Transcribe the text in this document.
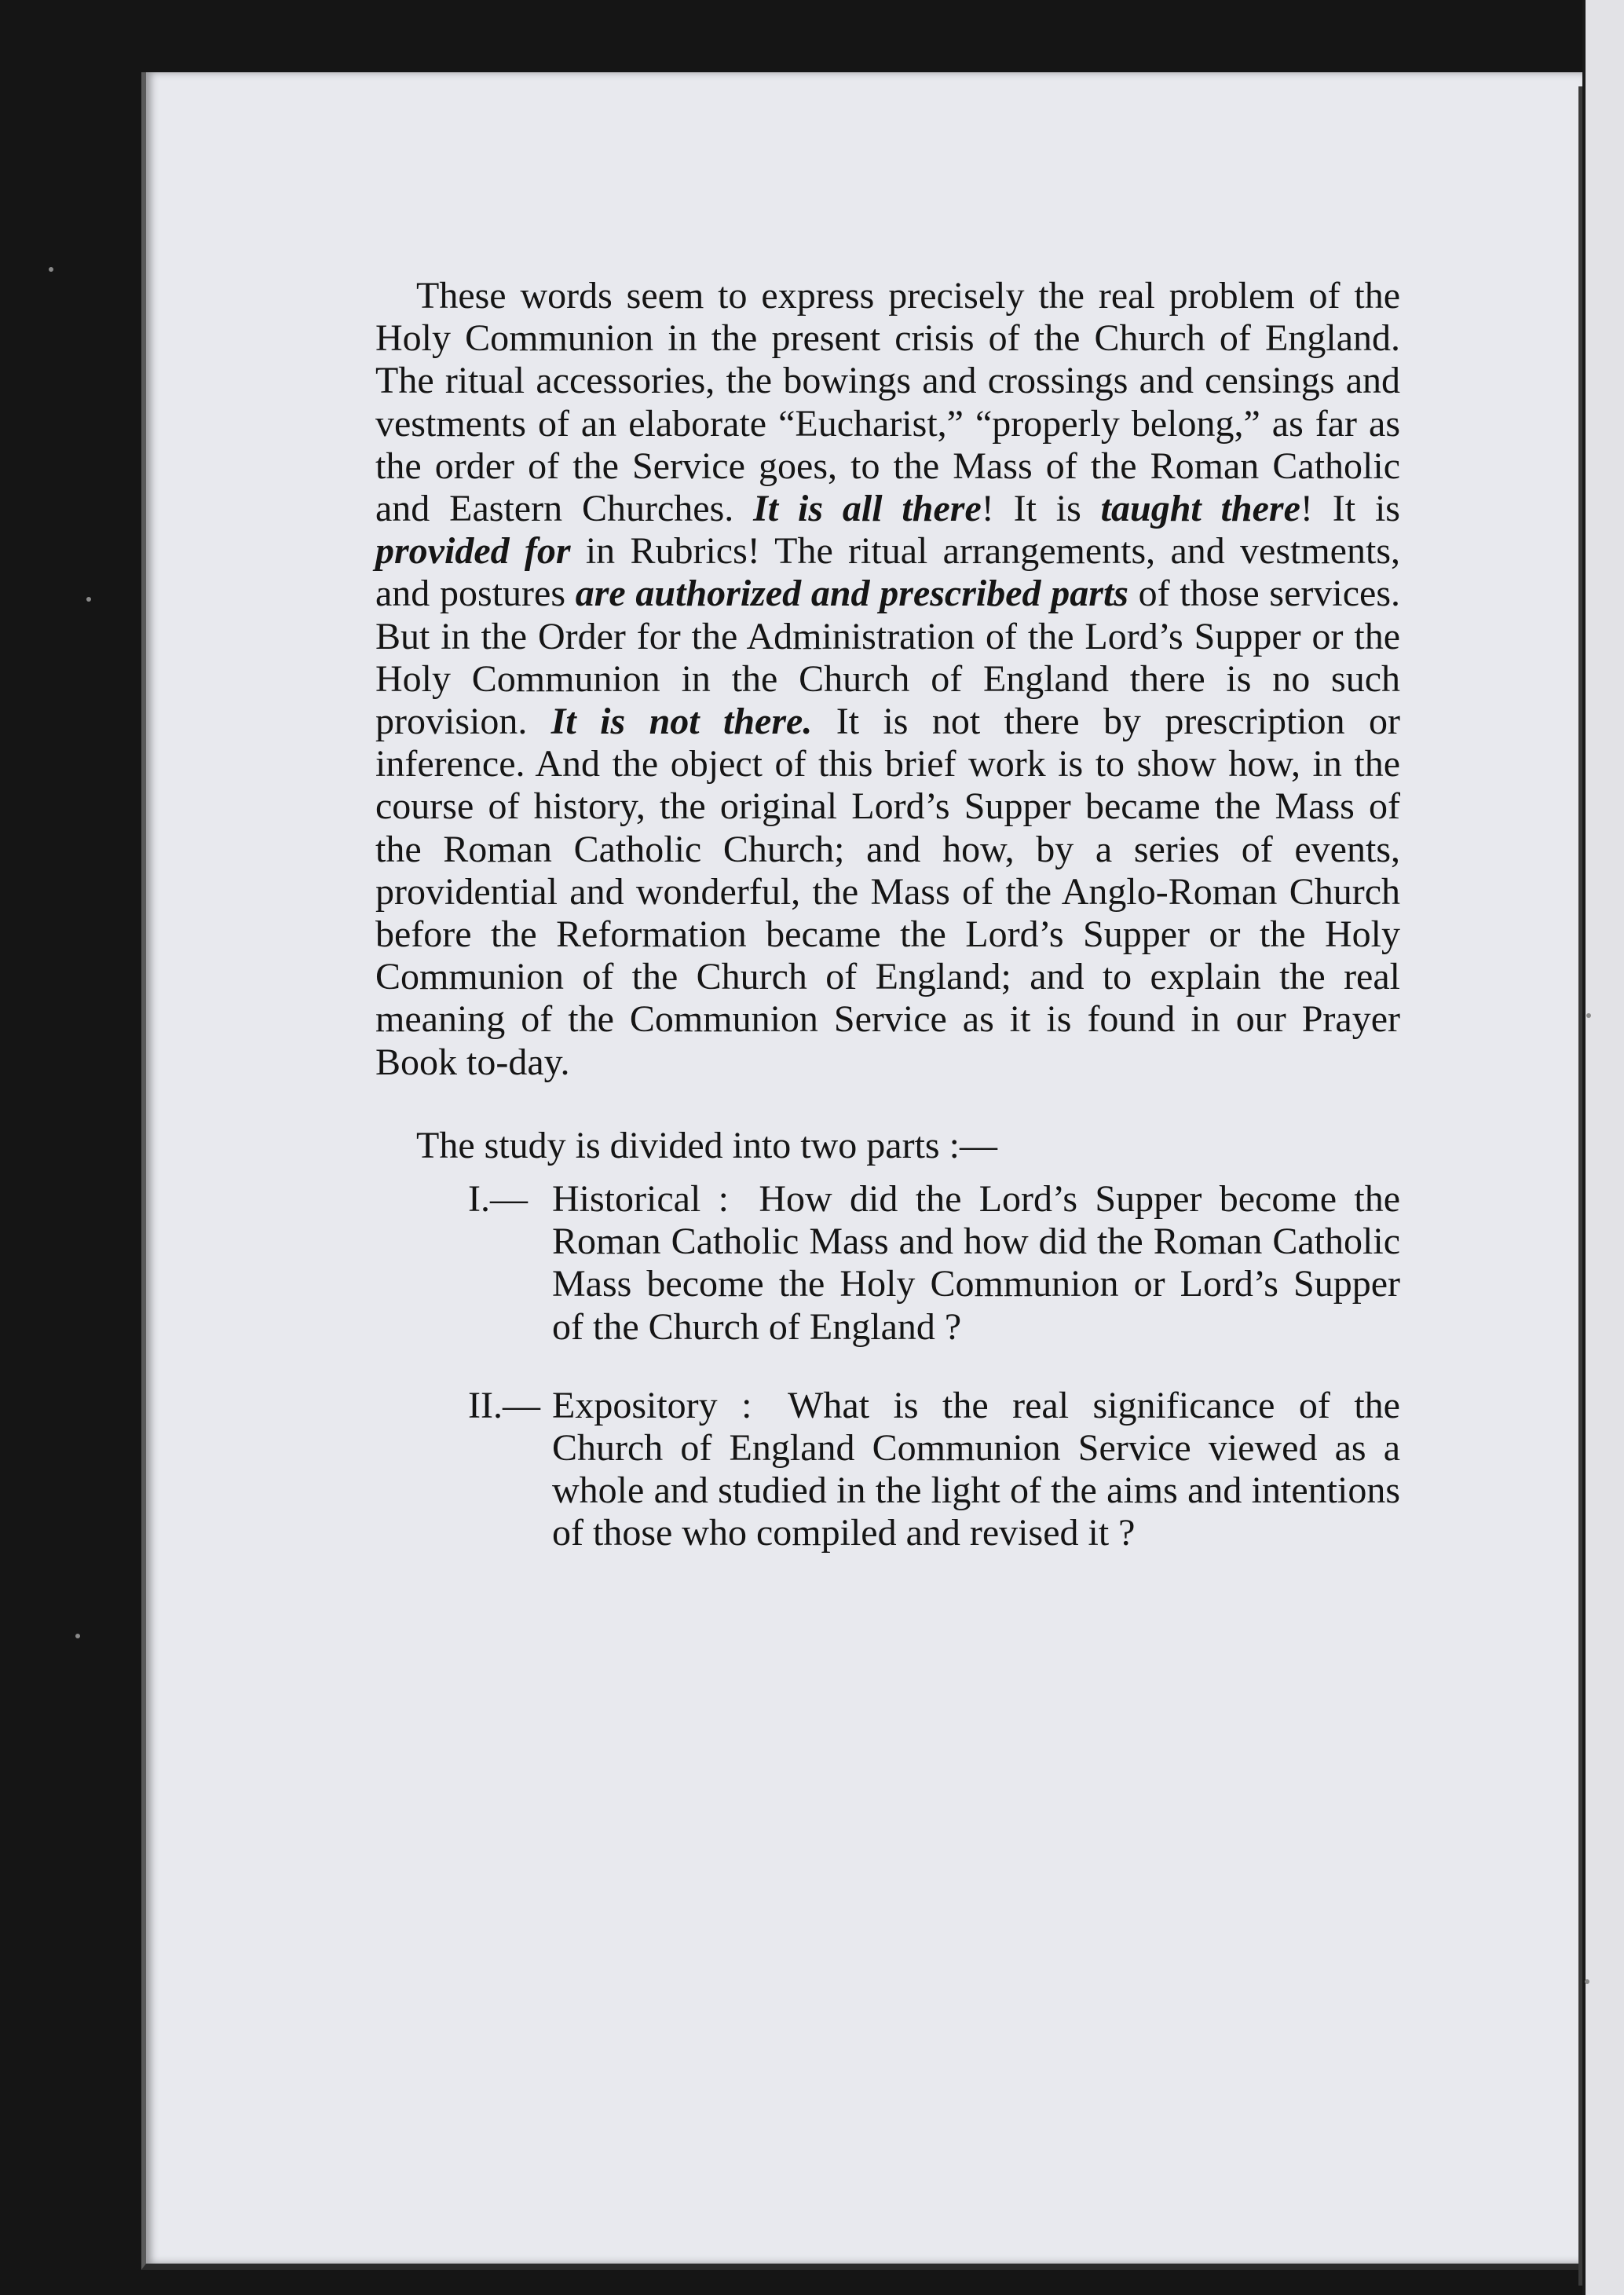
These words seem to express precisely the real problem of the Holy Communion in the present crisis of the Church of England. The ritual accessories, the bowings and crossings and censings and vestments of an elaborate “Eucharist,” “properly belong,” as far as the order of the Service goes, to the Mass of the Roman Catholic and Eastern Churches. It is all there! It is taught there! It is provided for in Rubrics! The ritual arrangements, and vestments, and postures are authorized and prescribed parts of those services. But in the Order for the Administration of the Lord’s Supper or the Holy Communion in the Church of England there is no such provision. It is not there. It is not there by prescription or inference. And the object of this brief work is to show how, in the course of history, the original Lord’s Supper became the Mass of the Roman Catholic Church; and how, by a series of events, providential and wonderful, the Mass of the Anglo-Roman Church before the Reformation became the Lord’s Supper or the Holy Communion of the Church of England; and to explain the real meaning of the Communion Service as it is found in our Prayer Book to-day.

The study is divided into two parts :—

I.— Historical : How did the Lord’s Supper become the Roman Catholic Mass and how did the Roman Catholic Mass become the Holy Communion or Lord’s Supper of the Church of England ?
II.— Expository : What is the real significance of the Church of England Communion Service viewed as a whole and studied in the light of the aims and intentions of those who compiled and revised it ?
